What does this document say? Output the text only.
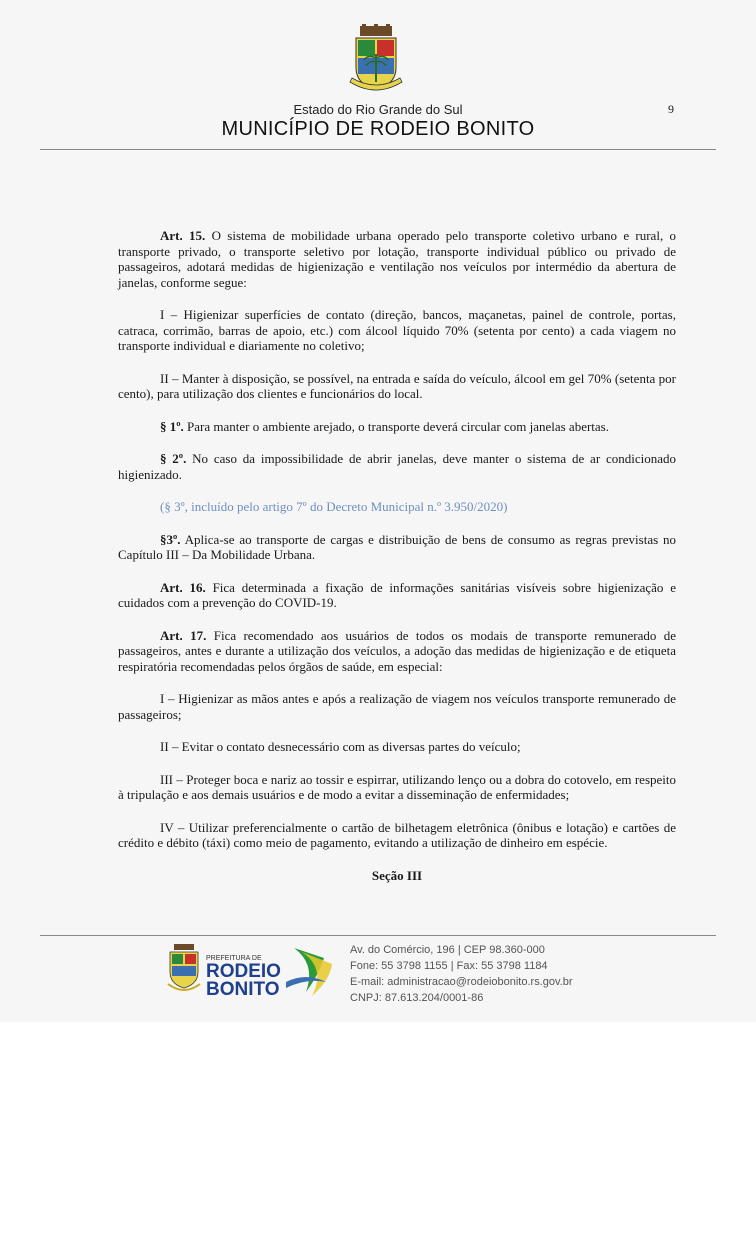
Estado do Rio Grande do Sul
MUNICÍPIO DE RODEIO BONITO
9

Art. 15. O sistema de mobilidade urbana operado pelo transporte coletivo urbano e rural, o transporte privado, o transporte seletivo por lotação, transporte individual público ou privado de passageiros, adotará medidas de higienização e ventilação nos veículos por intermédio da abertura de janelas, conforme segue:

I – Higienizar superfícies de contato (direção, bancos, maçanetas, painel de controle, portas, catraca, corrimão, barras de apoio, etc.) com álcool líquido 70% (setenta por cento) a cada viagem no transporte individual e diariamente no coletivo;

II – Manter à disposição, se possível, na entrada e saída do veículo, álcool em gel 70% (setenta por cento), para utilização dos clientes e funcionários do local.

§ 1º. Para manter o ambiente arejado, o transporte deverá circular com janelas abertas.

§ 2º. No caso da impossibilidade de abrir janelas, deve manter o sistema de ar condicionado higienizado.

(§ 3º, incluído pelo artigo 7º do Decreto Municipal n.º 3.950/2020)

§3º. Aplica-se ao transporte de cargas e distribuição de bens de consumo as regras previstas no Capítulo III – Da Mobilidade Urbana.

Art. 16. Fica determinada a fixação de informações sanitárias visíveis sobre higienização e cuidados com a prevenção do COVID-19.

Art. 17. Fica recomendado aos usuários de todos os modais de transporte remunerado de passageiros, antes e durante a utilização dos veículos, a adoção das medidas de higienização e de etiqueta respiratória recomendadas pelos órgãos de saúde, em especial:

I – Higienizar as mãos antes e após a realização de viagem nos veículos transporte remunerado de passageiros;

II – Evitar o contato desnecessário com as diversas partes do veículo;

III – Proteger boca e nariz ao tossir e espirrar, utilizando lenço ou a dobra do cotovelo, em respeito à tripulação e aos demais usuários e de modo a evitar a disseminação de enfermidades;

IV – Utilizar preferencialmente o cartão de bilhetagem eletrônica (ônibus e lotação) e cartões de crédito e débito (táxi) como meio de pagamento, evitando a utilização de dinheiro em espécie.

Seção III

PREFEITURA DE
RODEIO
BONITO
Av. do Comércio, 196 | CEP 98.360-000
Fone: 55 3798 1155 | Fax: 55 3798 1184
E-mail: administracao@rodeiobonito.rs.gov.br
CNPJ: 87.613.204/0001-86
